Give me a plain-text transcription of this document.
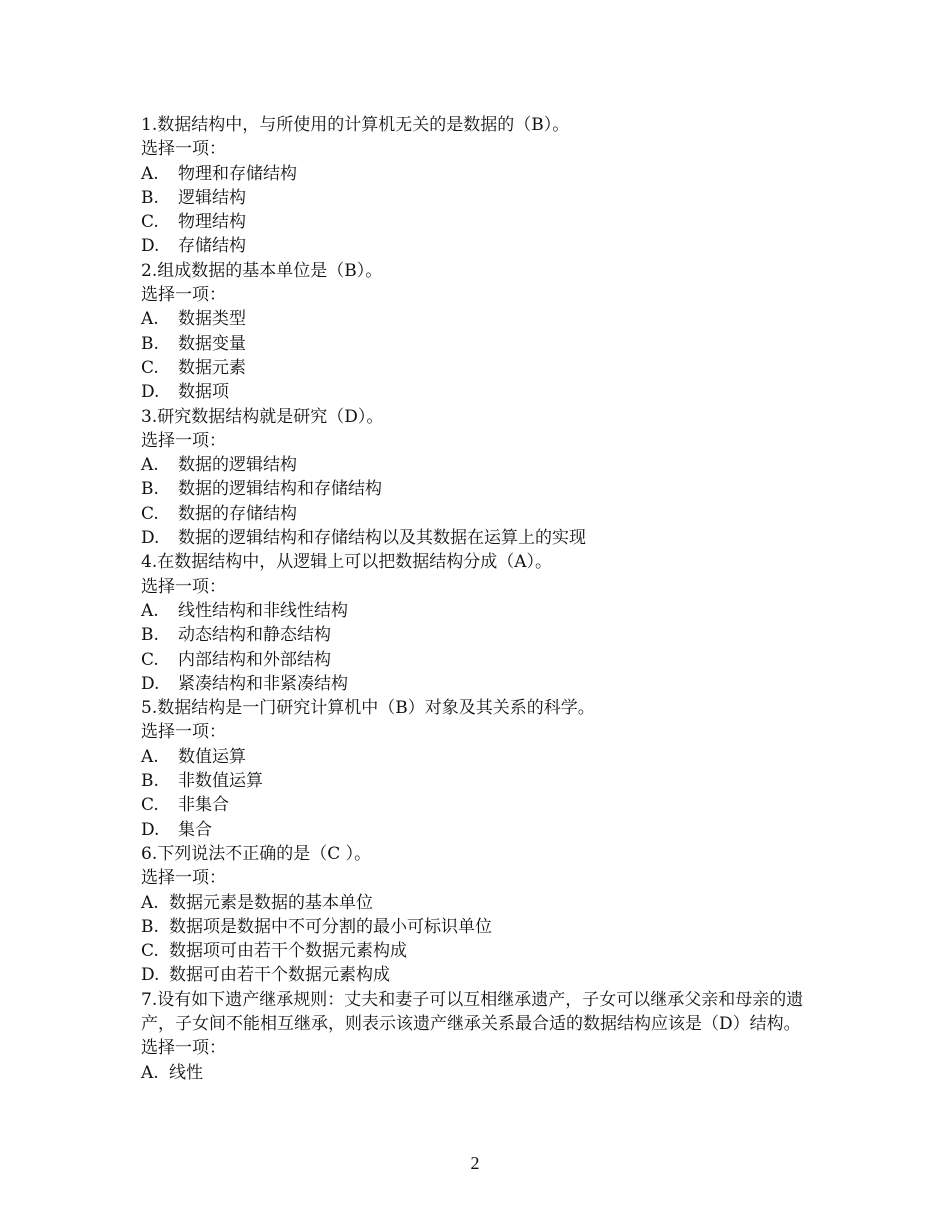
1.数据结构中，与所使用的计算机无关的是数据的（B）。
选择一项：
A. 物理和存储结构
B. 逻辑结构
C. 物理结构
D. 存储结构
2.组成数据的基本单位是（B）。
选择一项：
A. 数据类型
B. 数据变量
C. 数据元素
D. 数据项
3.研究数据结构就是研究（D）。
选择一项：
A. 数据的逻辑结构
B. 数据的逻辑结构和存储结构
C. 数据的存储结构
D. 数据的逻辑结构和存储结构以及其数据在运算上的实现
4.在数据结构中，从逻辑上可以把数据结构分成（A）。
选择一项：
A. 线性结构和非线性结构
B. 动态结构和静态结构
C. 内部结构和外部结构
D. 紧凑结构和非紧凑结构
5.数据结构是一门研究计算机中（B）对象及其关系的科学。
选择一项：
A. 数值运算
B. 非数值运算
C. 非集合
D. 集合
6.下列说法不正确的是（C ）。
选择一项：
A. 数据元素是数据的基本单位
B. 数据项是数据中不可分割的最小可标识单位
C. 数据项可由若干个数据元素构成
D. 数据可由若干个数据元素构成
7.设有如下遗产继承规则：丈夫和妻子可以互相继承遗产，子女可以继承父亲和母亲的遗产，子女间不能相互继承，则表示该遗产继承关系最合适的数据结构应该是（D）结构。
选择一项：
A. 线性
2
